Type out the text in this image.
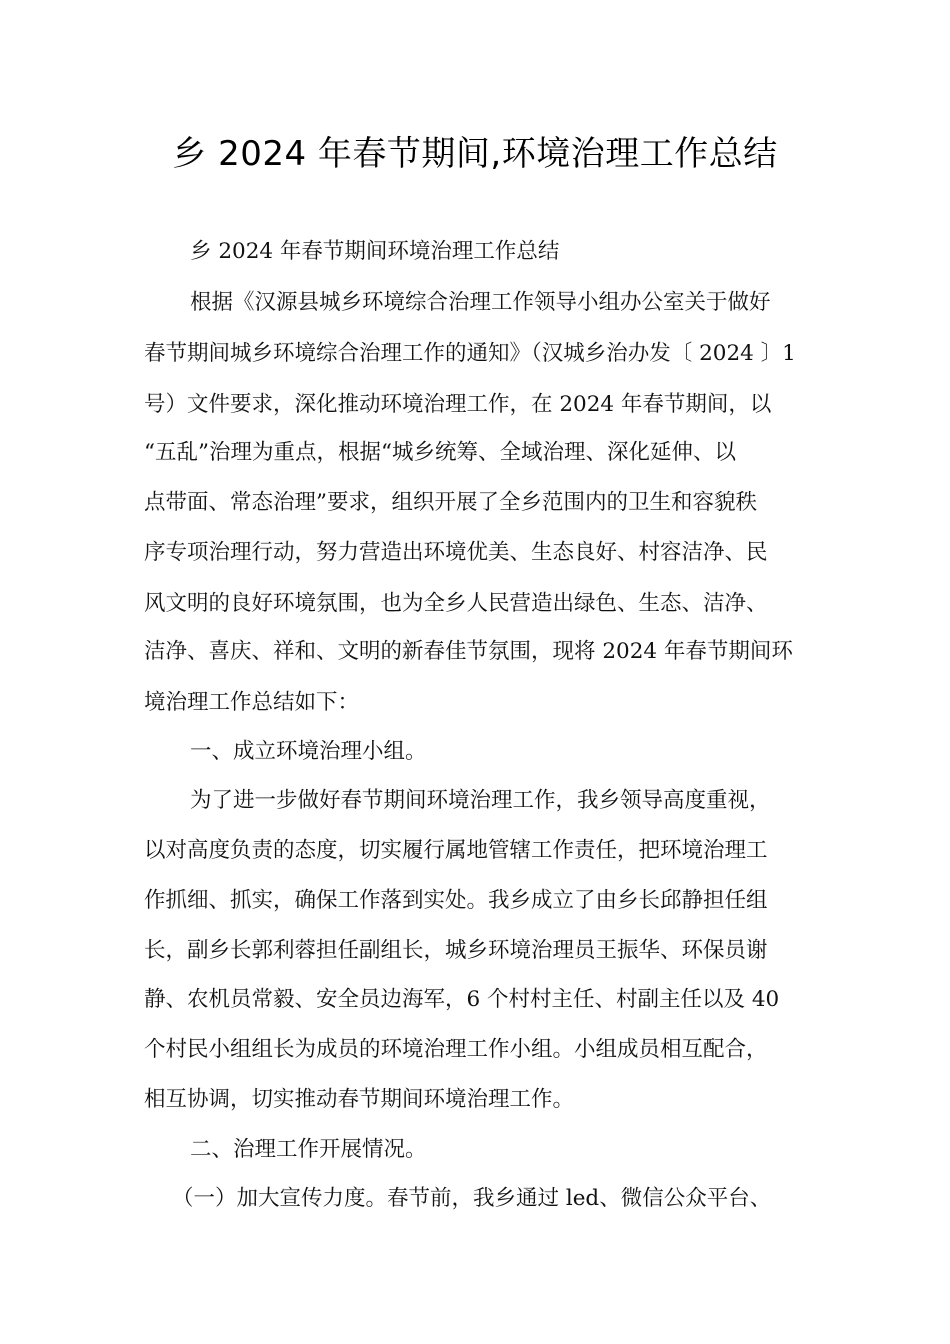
乡 2024 年春节期间,环境治理工作总结
乡 2024 年春节期间环境治理工作总结
根据《汉源县城乡环境综合治理工作领导小组办公室关于做好
春节期间城乡环境综合治理工作的通知》（汉城乡治办发〔 2024 〕1
号）文件要求，深化推动环境治理工作，在 2024 年春节期间，以
“五乱”治理为重点，根据“城乡统筹、全域治理、深化延伸、以
点带面、常态治理”要求，组织开展了全乡范围内的卫生和容貌秩
序专项治理行动，努力营造出环境优美、生态良好、村容洁净、民
风文明的良好环境氛围，也为全乡人民营造出绿色、生态、洁净、
洁净、喜庆、祥和、文明的新春佳节氛围，现将 2024 年春节期间环
境治理工作总结如下：
一、成立环境治理小组。
为了进一步做好春节期间环境治理工作，我乡领导高度重视，
以对高度负责的态度，切实履行属地管辖工作责任，把环境治理工
作抓细、抓实，确保工作落到实处。我乡成立了由乡长邱静担任组
长，副乡长郭利蓉担任副组长，城乡环境治理员王振华、环保员谢
静、农机员常毅、安全员边海军，6 个村村主任、村副主任以及 40
个村民小组组长为成员的环境治理工作小组。小组成员相互配合，
相互协调，切实推动春节期间环境治理工作。
二、治理工作开展情况。
（一）加大宣传力度。春节前，我乡通过 led、微信公众平台、
